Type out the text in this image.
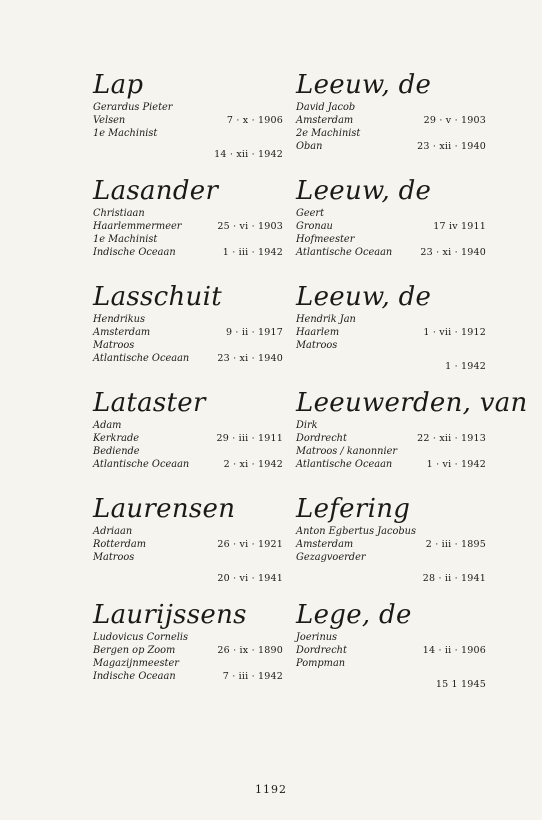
Lap
Gerardus Pieter
Velsen	7 · x · 1906
1e Machinist
14 · xii · 1942
Lasander
Christiaan
Haarlemmermeer	25 · vi · 1903
1e Machinist
Indische Oceaan	1 · iii · 1942
Lasschuit
Hendrikus
Amsterdam	9 · ii · 1917
Matroos
Atlantische Oceaan	23 · xi · 1940
Lataster
Adam
Kerkrade	29 · iii · 1911
Bediende
Atlantische Oceaan	2 · xi · 1942
Laurensen
Adriaan
Rotterdam	26 · vi · 1921
Matroos
20 · vi · 1941
Laurijssens
Ludovicus Cornelis
Bergen op Zoom	26 · ix · 1890
Magazijnmeester
Indische Oceaan	7 · iii · 1942
Leeuw, de
David Jacob
Amsterdam	29 · v · 1903
2e Machinist
Oban	23 · xii · 1940
Leeuw, de
Geert
Gronau	17 iv 1911
Hofmeester
Atlantische Oceaan	23 · xi · 1940
Leeuw, de
Hendrik Jan
Haarlem	1 · vii · 1912
Matroos
1 · 1942
Leeuwerden, van
Dirk
Dordrecht	22 · xii · 1913
Matroos / kanonnier
Atlantische Oceaan	1 · vi · 1942
Lefering
Anton Egbertus Jacobus
Amsterdam	2 · iii · 1895
Gezagvoerder
28 · ii · 1941
Lege, de
Joerinus
Dordrecht	14 · ii · 1906
Pompman
15 1 1945
1192
